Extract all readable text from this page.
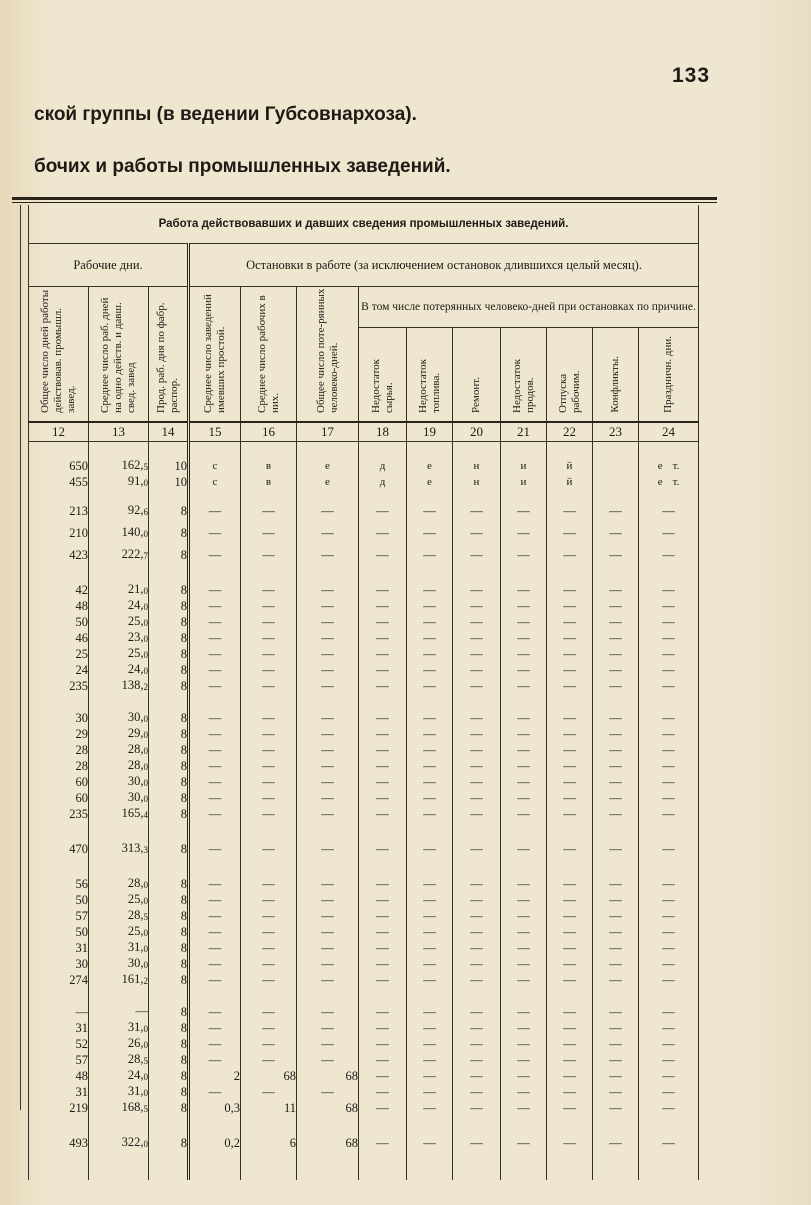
133
ской группы (в ведении Губсовнархоза).
бочих и работы промышленных заведений.
Работа действовавших и давших сведения промышленных заведений.												
Рабочие дни.			Остановки в работе (за исключением остановок длившихся целый месяц).									
Общее число дней работы действовав. промышл. завед.	Среднее число раб. дней на одно действ. и давш. свед. завед	Прод. раб. дня по фабр. распор.	Среднее число заведений имевших простой.	Среднее число рабочих в них.	Общее число поте-рянных человеко-дней.	В том числе потерянных человеко-дней при остановках по причине.						
						Недостаток сырья.	Недостаток топлива.	Ремонт.	Недостаток продов.	Отпуска рабочим.	Конфликты.	Праздничн. дни.
12	13	14	15	16	17	18	19	20	21	22	23	24

650	162,5	10	с	в	е	д	е	н	и	й		е т.
455	91,0	10	с	в	е	д	е	н	и	й		е т.

213	92,6	8	—	—	—	—	—	—	—	—	—	—
210	140,0	8	—	—	—	—	—	—	—	—	—	—
423	222,7	8	—	—	—	—	—	—	—	—	—	—

42	21,0	8	—	—	—	—	—	—	—	—	—	—
48	24,0	8	—	—	—	—	—	—	—	—	—	—
50	25,0	8	—	—	—	—	—	—	—	—	—	—
46	23,0	8	—	—	—	—	—	—	—	—	—	—
25	25,0	8	—	—	—	—	—	—	—	—	—	—
24	24,0	8	—	—	—	—	—	—	—	—	—	—
235	138,2	8	—	—	—	—	—	—	—	—	—	—

30	30,0	8	—	—	—	—	—	—	—	—	—	—
29	29,0	8	—	—	—	—	—	—	—	—	—	—
28	28,0	8	—	—	—	—	—	—	—	—	—	—
28	28,0	8	—	—	—	—	—	—	—	—	—	—
60	30,0	8	—	—	—	—	—	—	—	—	—	—
60	30,0	8	—	—	—	—	—	—	—	—	—	—
235	165,4	8	—	—	—	—	—	—	—	—	—	—

470	313,3	8	—	—	—	—	—	—	—	—	—	—

56	28,0	8	—	—	—	—	—	—	—	—	—	—
50	25,0	8	—	—	—	—	—	—	—	—	—	—
57	28,5	8	—	—	—	—	—	—	—	—	—	—
50	25,0	8	—	—	—	—	—	—	—	—	—	—
31	31,0	8	—	—	—	—	—	—	—	—	—	—
30	30,0	8	—	—	—	—	—	—	—	—	—	—
274	161,2	8	—	—	—	—	—	—	—	—	—	—

—	—	8	—	—	—	—	—	—	—	—	—	—
31	31,0	8	—	—	—	—	—	—	—	—	—	—
52	26,0	8	—	—	—	—	—	—	—	—	—	—
57	28,5	8	—	—	—	—	—	—	—	—	—	—
48	24,0	8	2	68	68	—	—	—	—	—	—	—
31	31,0	8	—	—	—	—	—	—	—	—	—	—
219	168,5	8	0,3	11	68	—	—	—	—	—	—	—

493	322,0	8	0,2	6	68	—	—	—	—	—	—	—
